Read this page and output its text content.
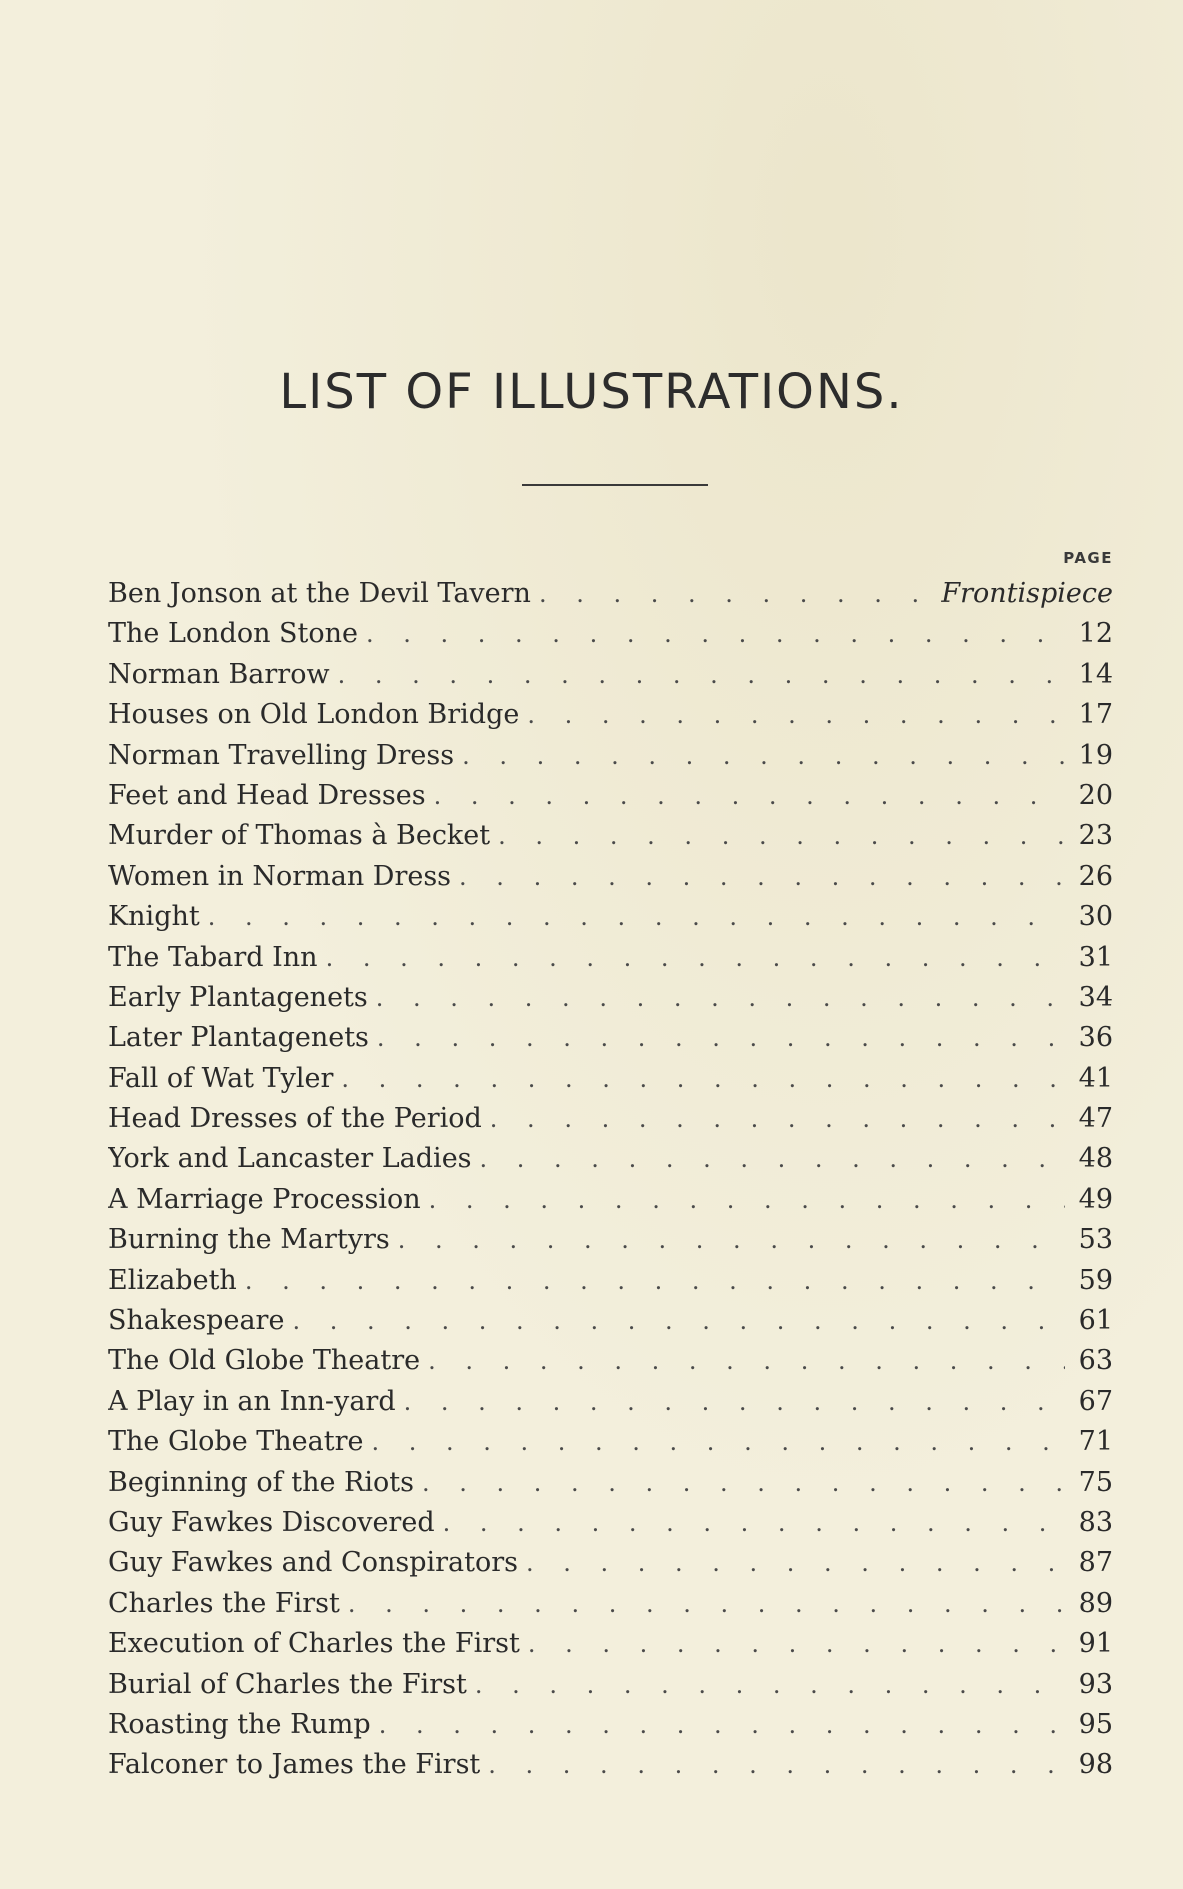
LIST OF ILLUSTRATIONS.
PAGE
Ben Jonson at the Devil Tavern . . .	Frontispiece
The London Stone . . .	12
Norman Barrow . . .	14
Houses on Old London Bridge . . .	17
Norman Travelling Dress . . .	19
Feet and Head Dresses . . .	20
Murder of Thomas à Becket . . .	23
Women in Norman Dress . . .	26
Knight . . .	30
The Tabard Inn . . .	31
Early Plantagenets . . .	34
Later Plantagenets . . .	36
Fall of Wat Tyler . . .	41
Head Dresses of the Period . . .	47
York and Lancaster Ladies . . .	48
A Marriage Procession . . .	49
Burning the Martyrs . . .	53
Elizabeth . . .	59
Shakespeare . . .	61
The Old Globe Theatre . . .	63
A Play in an Inn-yard . . .	67
The Globe Theatre . . .	71
Beginning of the Riots . . .	75
Guy Fawkes Discovered . . .	83
Guy Fawkes and Conspirators . . .	87
Charles the First . . .	89
Execution of Charles the First . . .	91
Burial of Charles the First . . .	93
Roasting the Rump . . .	95
Falconer to James the First . . .	98
